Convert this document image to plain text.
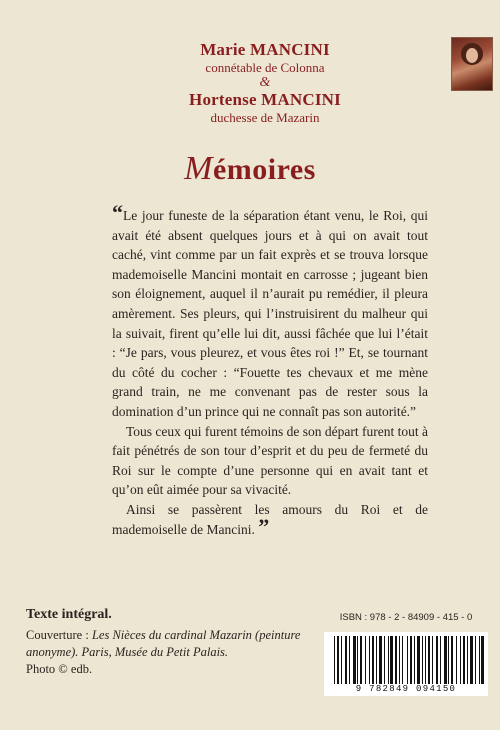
Marie MANCINI
connétable de Colonna
&
Hortense MANCINI
duchesse de Mazarin
Mémoires

“Le jour funeste de la séparation étant venu, le Roi, qui avait été absent quelques jours et à qui on avait tout caché, vint comme par un fait exprès et se trouva lorsque mademoiselle Mancini montait en carrosse ; jugeant bien son éloignement, auquel il n’aurait pu remédier, il pleura amèrement. Ses pleurs, qui l’instruisirent du malheur qui la suivait, firent qu’elle lui dit, aussi fâchée que lui l’était : “Je pars, vous pleurez, et vous êtes roi !” Et, se tournant du côté du cocher : “Fouette tes chevaux et me mène grand train, ne me convenant pas de rester sous la domination d’un prince qui ne connaît pas son autorité.”

Tous ceux qui furent témoins de son départ furent tout à fait pénétrés de son tour d’esprit et du peu de fermeté du Roi sur le compte d’une personne qui en avait tant et qu’on eût aimée pour sa vivacité.

Ainsi se passèrent les amours du Roi et de mademoiselle de Mancini. ”

Texte intégral.
Couverture : Les Nièces du cardinal Mazarin (peinture anonyme). Paris, Musée du Petit Palais.
Photo © edb.
ISBN : 978 - 2 - 84909 - 415 - 0
9 782849 094150
